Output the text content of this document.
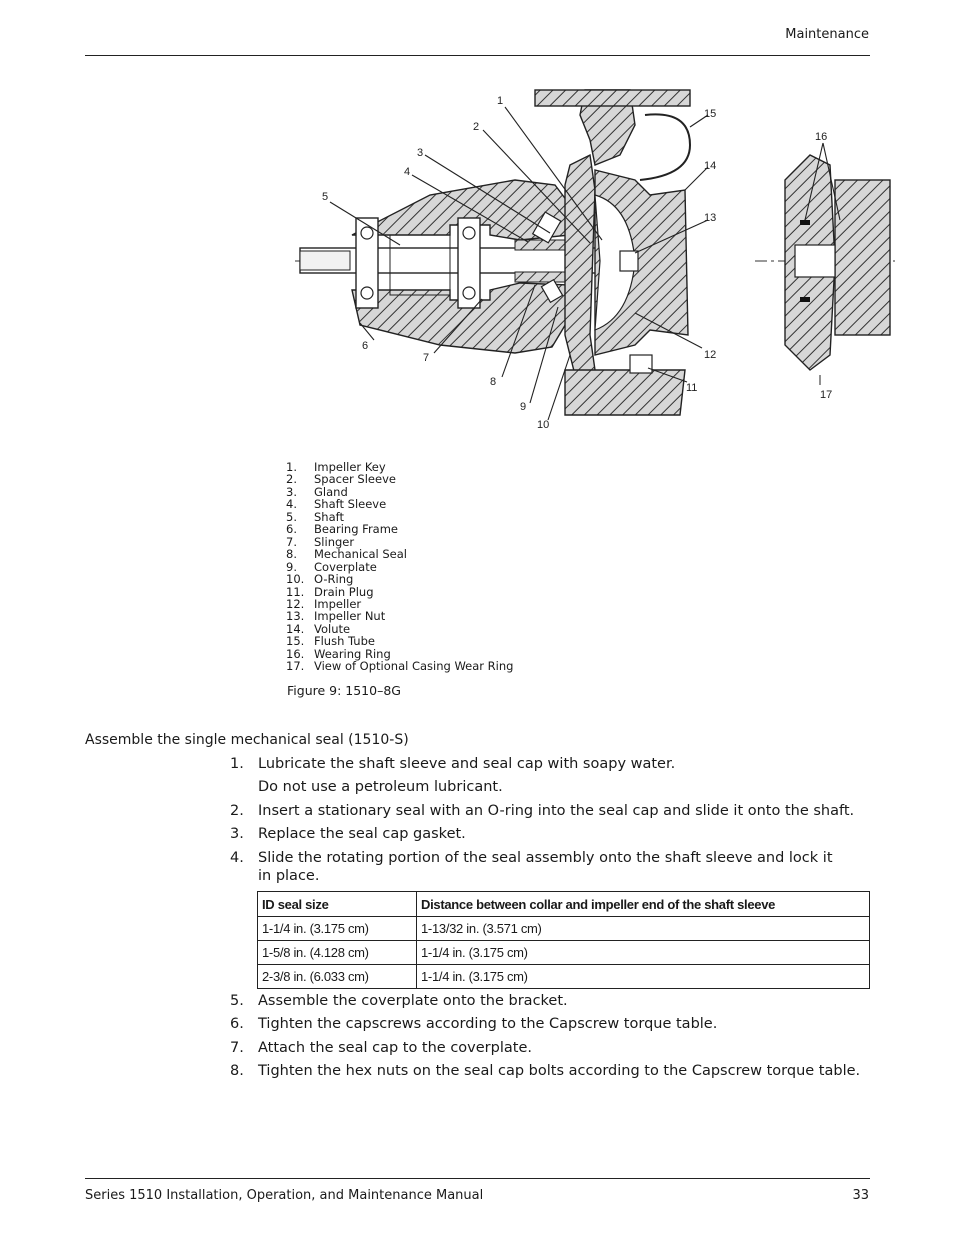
Maintenance
1
2
3
4
5
6
7
8
9
10
11
12
13
14
15
16
17
1. Impeller Key
2. Spacer Sleeve
3. Gland
4. Shaft Sleeve
5. Shaft
6. Bearing Frame
7. Slinger
8. Mechanical Seal
9. Coverplate
10. O-Ring
11. Drain Plug
12. Impeller
13. Impeller Nut
14. Volute
15. Flush Tube
16. Wearing Ring
17. View of Optional Casing Wear Ring
Figure 9: 1510–8G
Assemble the single mechanical seal (1510-S)
1. Lubricate the shaft sleeve and seal cap with soapy water.
Do not use a petroleum lubricant.
2. Insert a stationary seal with an O-ring into the seal cap and slide it onto the shaft.
3. Replace the seal cap gasket.
4. Slide the rotating portion of the seal assembly onto the shaft sleeve and lock it in place.
5. Assemble the coverplate onto the bracket.
6. Tighten the capscrews according to the Capscrew torque table.
7. Attach the seal cap to the coverplate.
8. Tighten the hex nuts on the seal cap bolts according to the Capscrew torque table.
ID seal size	Distance between collar and impeller end of the shaft sleeve
1-1/4 in. (3.175 cm)	1-13/32 in. (3.571 cm)
1-5/8 in. (4.128 cm)	1-1/4 in. (3.175 cm)
2-3/8 in. (6.033 cm)	1-1/4 in. (3.175 cm)
Series 1510 Installation, Operation, and Maintenance Manual	33
